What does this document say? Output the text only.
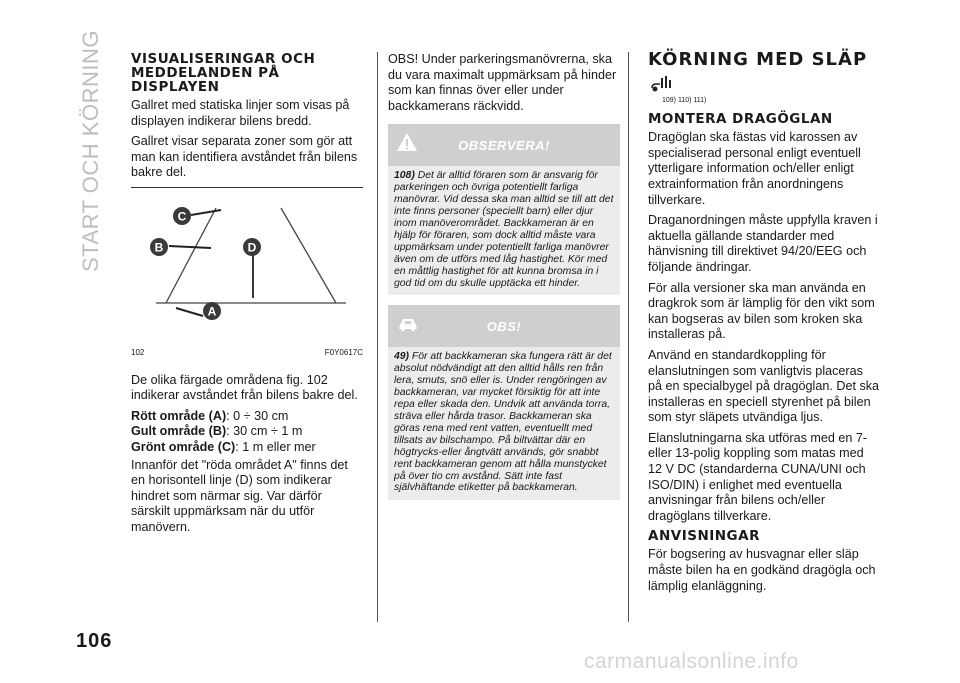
START OCH KÖRNING
106
VISUALISERINGAR OCH MEDDELANDEN PÅ DISPLAYEN

Gallret med statiska linjer som visas på displayen indikerar bilens bredd.

Gallret visar separata zoner som gör att man kan identifiera avståndet från bilens bakre del.

C
B	D
A
102	F0Y0617C

De olika färgade områdena fig. 102 indikerar avståndet från bilens bakre del.

Rött område (A): 0 ÷ 30 cm
Gult område (B): 30 cm ÷ 1 m
Grönt område (C): 1 m eller mer

Innanför det "röda området A" finns det en horisontell linje (D) som indikerar hindret som närmar sig. Var därför särskilt uppmärksam när du utför manövern.

OBS! Under parkeringsmanövrerna, ska du vara maximalt uppmärksam på hinder som kan finnas över eller under backkamerans räckvidd.

OBSERVERA!
108) Det är alltid föraren som är ansvarig för parkeringen och övriga potentiellt farliga manövrar. Vid dessa ska man alltid se till att det inte finns personer (speciellt barn) eller djur inom manöverområdet. Backkameran är en hjälp för föraren, som dock alltid måste vara uppmärksam under potentiellt farliga manövrer även om de utförs med låg hastighet. Kör med en måttlig hastighet för att kunna bromsa in i god tid om du skulle upptäcka ett hinder.
OBS!
49) För att backkameran ska fungera rätt är det absolut nödvändigt att den alltid hålls ren från lera, smuts, snö eller is. Under rengöringen av backkameran, var mycket försiktig för att inte repa eller skada den. Undvik att använda torra, sträva eller hårda trasor. Backkameran ska göras rena med rent vatten, eventuellt med tillsats av bilschampo. På biltvättar där en högtrycks-eller ångtvätt används, gör snabbt rent backkameran genom att hålla munstycket på över tio cm avstånd. Sätt inte fast självhäftande etiketter på backkameran.
KÖRNING MED SLÄP
109) 110) 111)
MONTERA DRAGÖGLAN

Dragöglan ska fästas vid karossen av specialiserad personal enligt eventuell ytterligare information och/eller enligt extrainformation från anordningens tillverkare.

Draganordningen måste uppfylla kraven i aktuella gällande standarder med hänvisning till direktivet 94/20/EEG och följande ändringar.

För alla versioner ska man använda en dragkrok som är lämplig för den vikt som kan bogseras av bilen som kroken ska installeras på.

Använd en standardkoppling för elanslutningen som vanligtvis placeras på en specialbygel på dragöglan. Det ska installeras en speciell styrenhet på bilen som styr släpets utvändiga ljus.

Elanslutningarna ska utföras med en 7- eller 13-polig koppling som matas med 12 V DC (standarderna CUNA/UNI och ISO/DIN) i enlighet med eventuella anvisningar från bilens och/eller dragöglans tillverkare.

ANVISNINGAR

För bogsering av husvagnar eller släp måste bilen ha en godkänd dragögla och lämplig elanläggning.

carmanualsonline.info
